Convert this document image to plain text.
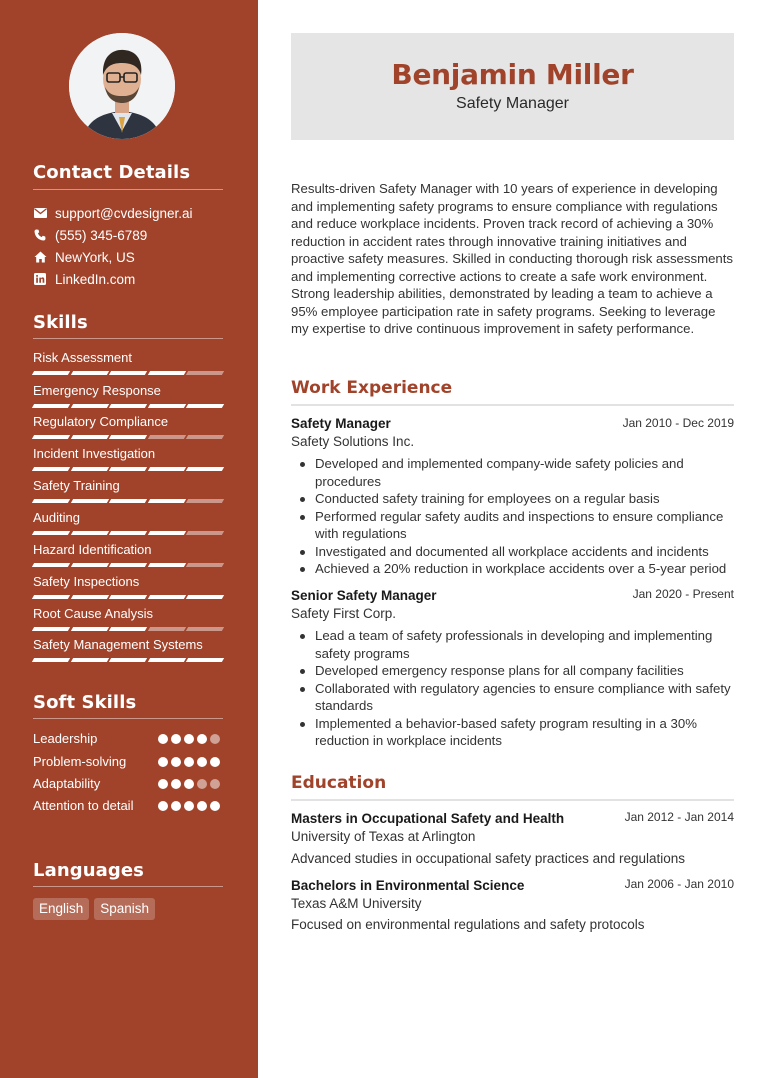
Contact Details
support@cvdesigner.ai
(555) 345-6789
NewYork, US
LinkedIn.com
Skills
Risk Assessment
Emergency Response
Regulatory Compliance
Incident Investigation
Safety Training
Auditing
Hazard Identification
Safety Inspections
Root Cause Analysis
Safety Management Systems
Soft Skills
Leadership
Problem-solving
Adaptability
Attention to detail
Languages
English	Spanish
Benjamin Miller
Safety Manager

Results-driven Safety Manager with 10 years of experience in developing and implementing safety programs to ensure compliance with regulations and reduce workplace incidents. Proven track record of achieving a 30% reduction in accident rates through innovative training initiatives and proactive safety measures. Skilled in conducting thorough risk assessments and implementing corrective actions to create a safe work environment. Strong leadership abilities, demonstrated by leading a team to achieve a 95% employee participation rate in safety programs. Seeking to leverage my expertise to drive continuous improvement in safety performance.

Work Experience
Safety Manager	Jan 2010 - Dec 2019
Safety Solutions Inc.
Developed and implemented company-wide safety policies and procedures
Conducted safety training for employees on a regular basis
Performed regular safety audits and inspections to ensure compliance with regulations
Investigated and documented all workplace accidents and incidents
Achieved a 20% reduction in workplace accidents over a 5-year period
Senior Safety Manager	Jan 2020 - Present
Safety First Corp.
Lead a team of safety professionals in developing and implementing safety programs
Developed emergency response plans for all company facilities
Collaborated with regulatory agencies to ensure compliance with safety standards
Implemented a behavior-based safety program resulting in a 30% reduction in workplace incidents
Education
Masters in Occupational Safety and Health	Jan 2012 - Jan 2014
University of Texas at Arlington
Advanced studies in occupational safety practices and regulations
Bachelors in Environmental Science	Jan 2006 - Jan 2010
Texas A&M University
Focused on environmental regulations and safety protocols
